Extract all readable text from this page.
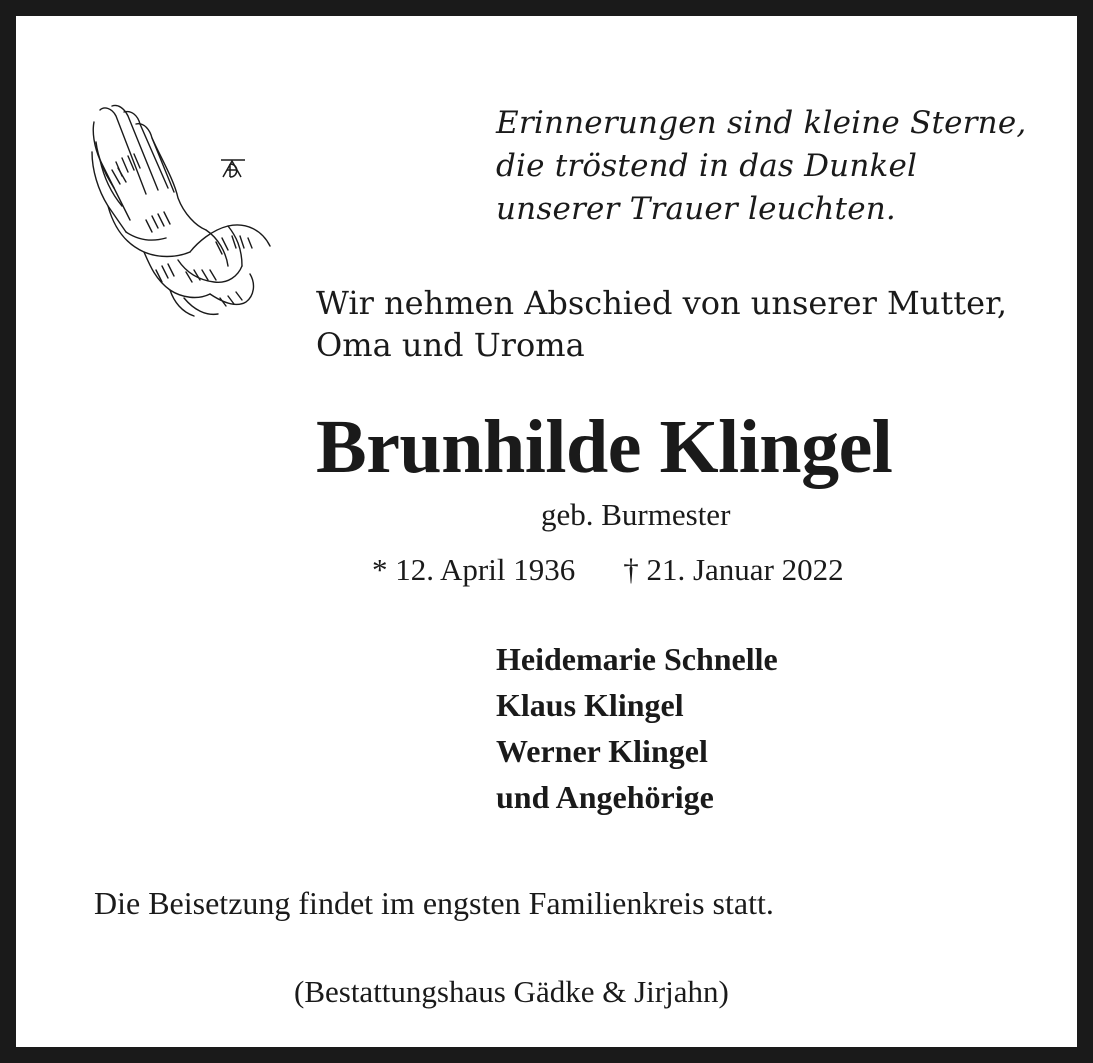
Erinnerungen sind kleine Sterne,
die tröstend in das Dunkel
unserer Trauer leuchten.
Wir nehmen Abschied von unserer Mutter,
Oma und Uroma
Brunhilde Klingel
geb. Burmester
* 12. April 1936 † 21. Januar 2022
Heidemarie Schnelle
Klaus Klingel
Werner Klingel
und Angehörige
Die Beisetzung findet im engsten Familienkreis statt.
(Bestattungshaus Gädke & Jirjahn)
